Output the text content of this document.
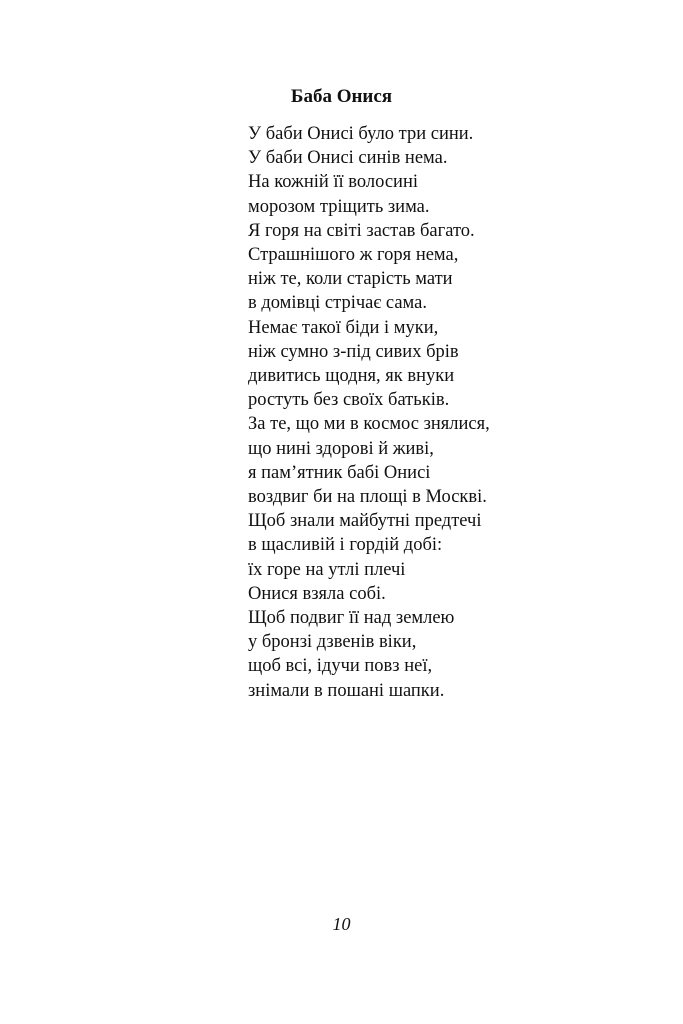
Баба Онися
У баби Онисі було три сини.
У баби Онисі синів нема.
На кожній її волосині
морозом тріщить зима.
Я горя на світі застав багато.
Страшнішого ж горя нема,
ніж те, коли старість мати
в домівці стрічає сама.
Немає такої біди і муки,
ніж сумно з-під сивих брів
дивитись щодня, як внуки
ростуть без своїх батьків.
За те, що ми в космос знялися,
що нині здорові й живі,
я пам’ятник бабі Онисі
воздвиг би на площі в Москві.
Щоб знали майбутні предтечі
в щасливій і гордій добі:
їх горе на утлі плечі
Онися взяла собі.
Щоб подвиг її над землею
у бронзі дзвенів віки,
щоб всі, ідучи повз неї,
знімали в пошані шапки.
10
